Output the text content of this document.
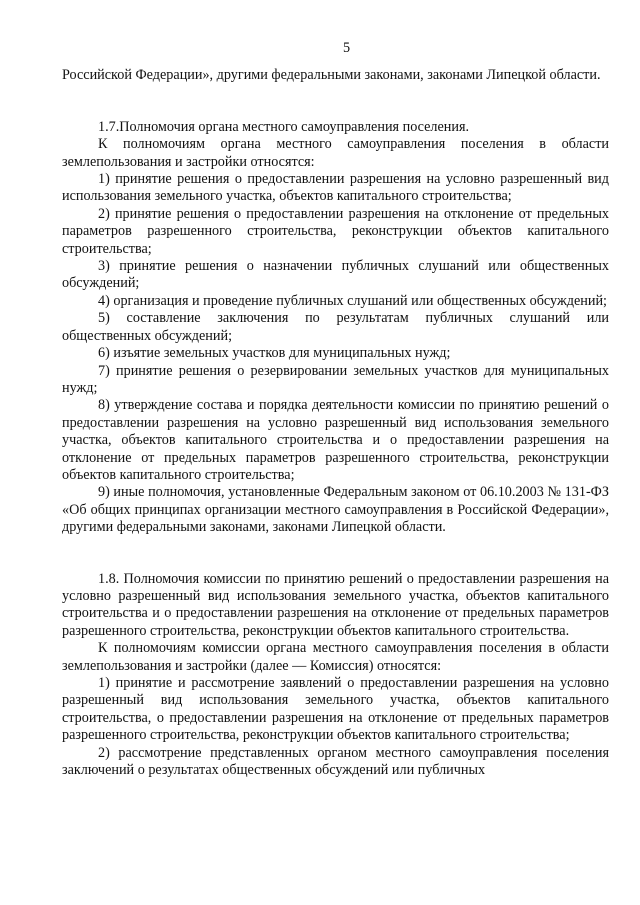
5

Российской Федерации», другими федеральными законами, законами Липецкой области.

1.7.Полномочия органа местного самоуправления поселения.

К полномочиям органа местного самоуправления поселения в области землепользования и застройки относятся:

1) принятие решения о предоставлении разрешения на условно разрешенный вид использования земельного участка, объектов капитального строительства;

2) принятие решения о предоставлении разрешения на отклонение от предельных параметров разрешенного строительства, реконструкции объектов капитального строительства;

3) принятие решения о назначении публичных слушаний или общественных обсуждений;

4) организация и проведение публичных слушаний или общественных обсуждений;

5) составление заключения по результатам публичных слушаний или общественных обсуждений;

6) изъятие земельных участков для муниципальных нужд;

7) принятие решения о резервировании земельных участков для муниципальных нужд;

8) утверждение состава и порядка деятельности комиссии по принятию решений о предоставлении разрешения на условно разрешенный вид использования земельного участка, объектов капитального строительства и о предоставлении разрешения на отклонение от предельных параметров разрешенного строительства, реконструкции объектов капитального строительства;

9) иные полномочия, установленные Федеральным законом от 06.10.2003 № 131-ФЗ «Об общих принципах организации местного самоуправления в Российской Федерации», другими федеральными законами, законами Липецкой области.

1.8. Полномочия комиссии по принятию решений о предоставлении разрешения на условно разрешенный вид использования земельного участка, объектов капитального строительства и о предоставлении разрешения на отклонение от предельных параметров разрешенного строительства, реконструкции объектов капитального строительства.

К полномочиям комиссии органа местного самоуправления поселения в области землепользования и застройки (далее — Комиссия) относятся:

1) принятие и рассмотрение заявлений о предоставлении разрешения на условно разрешенный вид использования земельного участка, объектов капитального строительства, о предоставлении разрешения на отклонение от предельных параметров разрешенного строительства, реконструкции объектов капитального строительства;

2) рассмотрение представленных органом местного самоуправления поселения заключений о результатах общественных обсуждений или публичных
